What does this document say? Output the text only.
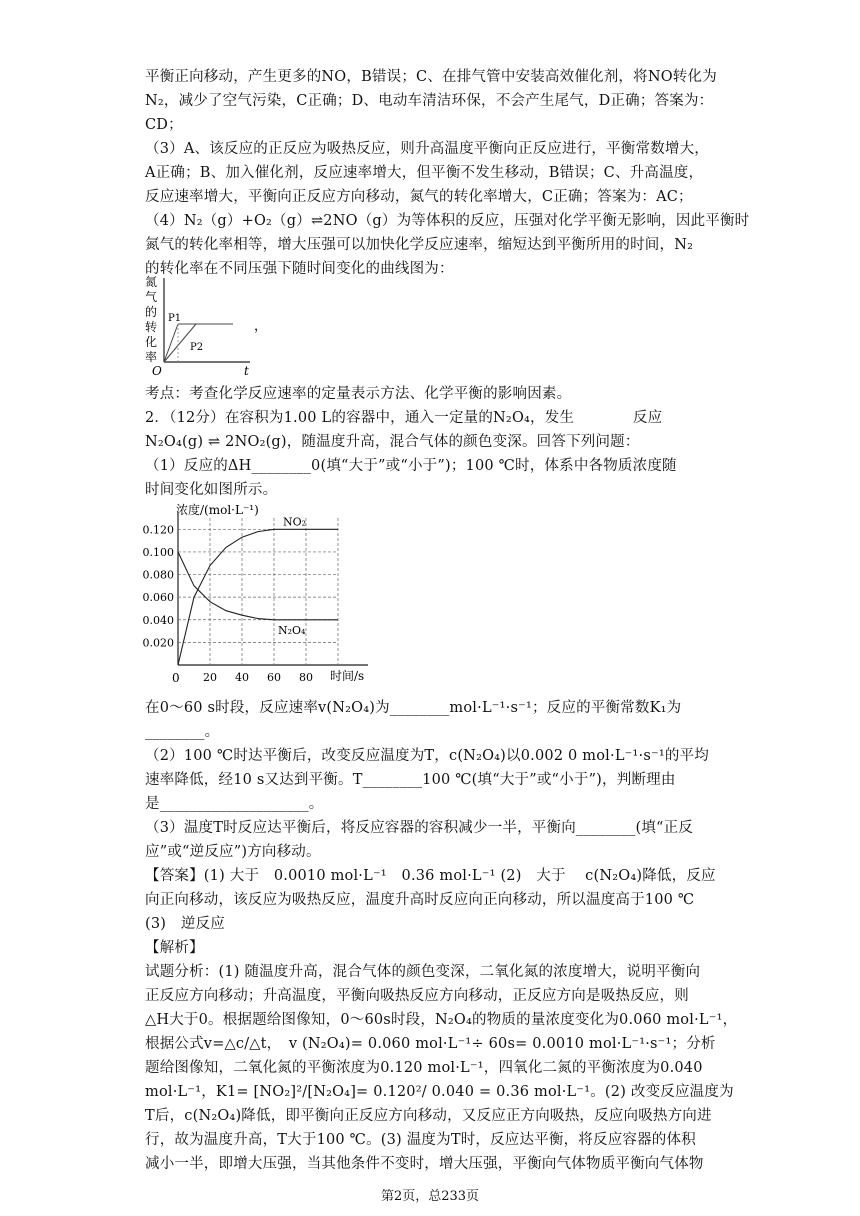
平衡正向移动，产生更多的NO，B错误；C、在排气管中安装高效催化剂，将NO转化为
N₂，减少了空气污染，C正确；D、电动车清洁环保，不会产生尾气，D正确；答案为：
CD；
（3）A、该反应的正反应为吸热反应，则升高温度平衡向正反应进行，平衡常数增大，
A正确；B、加入催化剂，反应速率增大，但平衡不发生移动，B错误；C、升高温度，
反应速率增大，平衡向正反应方向移动，氮气的转化率增大，C正确；答案为：AC；
（4）N₂（g）+O₂（g）⇌2NO（g）为等体积的反应，压强对化学平衡无影响，因此平衡时
氮气的转化率相等，增大压强可以加快化学反应速率，缩短达到平衡所用的时间，N₂
的转化率在不同压强下随时间变化的曲线图为：
氮
气
的
转
化
率
P1
P2
O	t
，
考点：考查化学反应速率的定量表示方法、化学平衡的影响因素。
2．（12分）在容积为1.00 L的容器中，通入一定量的N₂O₄，发生　　　　反应
N₂O₄(g) ⇌ 2NO₂(g)，随温度升高，混合气体的颜色变深。回答下列问题：
（1）反应的ΔH________0(填“大于”或“小于”)；100 ℃时，体系中各物质浓度随
时间变化如图所示。
浓度/(mol·L⁻¹)
时间/s
0
0.020
0.040
0.060
0.080
0.100
0.120
20 40 60 80
NO₂
N₂O₄
在0～60 s时段，反应速率v(N₂O₄)为________mol·L⁻¹·s⁻¹；反应的平衡常数K₁为
________。
（2）100 ℃时达平衡后，改变反应温度为T，c(N₂O₄)以0.002 0 mol·L⁻¹·s⁻¹的平均
速率降低，经10 s又达到平衡。T________100 ℃(填“大于”或“小于”)，判断理由
是____________________。
（3）温度T时反应达平衡后，将反应容器的容积减少一半，平衡向________(填“正反
应”或“逆反应”)方向移动。
【答案】(1) 大于　0.0010 mol·L⁻¹　0.36 mol·L⁻¹ (2)　大于　 c(N₂O₄)降低，反应
向正向移动，该反应为吸热反应，温度升高时反应向正向移动，所以温度高于100 ℃
(3)　逆反应
【解析】
试题分析：(1) 随温度升高，混合气体的颜色变深，二氧化氮的浓度增大，说明平衡向
正反应方向移动；升高温度，平衡向吸热反应方向移动，正反应方向是吸热反应，则
△H大于0。根据题给图像知，0～60s时段，N₂O₄的物质的量浓度变化为0.060 mol·L⁻¹，
根据公式v=△c/△t，　v (N₂O₄)= 0.060 mol·L⁻¹÷ 60s= 0.0010 mol·L⁻¹·s⁻¹；分析
题给图像知，二氧化氮的平衡浓度为0.120 mol·L⁻¹，四氧化二氮的平衡浓度为0.040
mol·L⁻¹，K1= [NO₂]²/[N₂O₄]= 0.120²/ 0.040 = 0.36 mol·L⁻¹。(2) 改变反应温度为
T后，c(N₂O₄)降低，即平衡向正反应方向移动，又反应正方向吸热，反应向吸热方向进
行，故为温度升高，T大于100 ℃。(3) 温度为T时，反应达平衡，将反应容器的体积
减小一半，即增大压强，当其他条件不变时，增大压强，平衡向气体物质平衡向气体物
第2页，总233页
